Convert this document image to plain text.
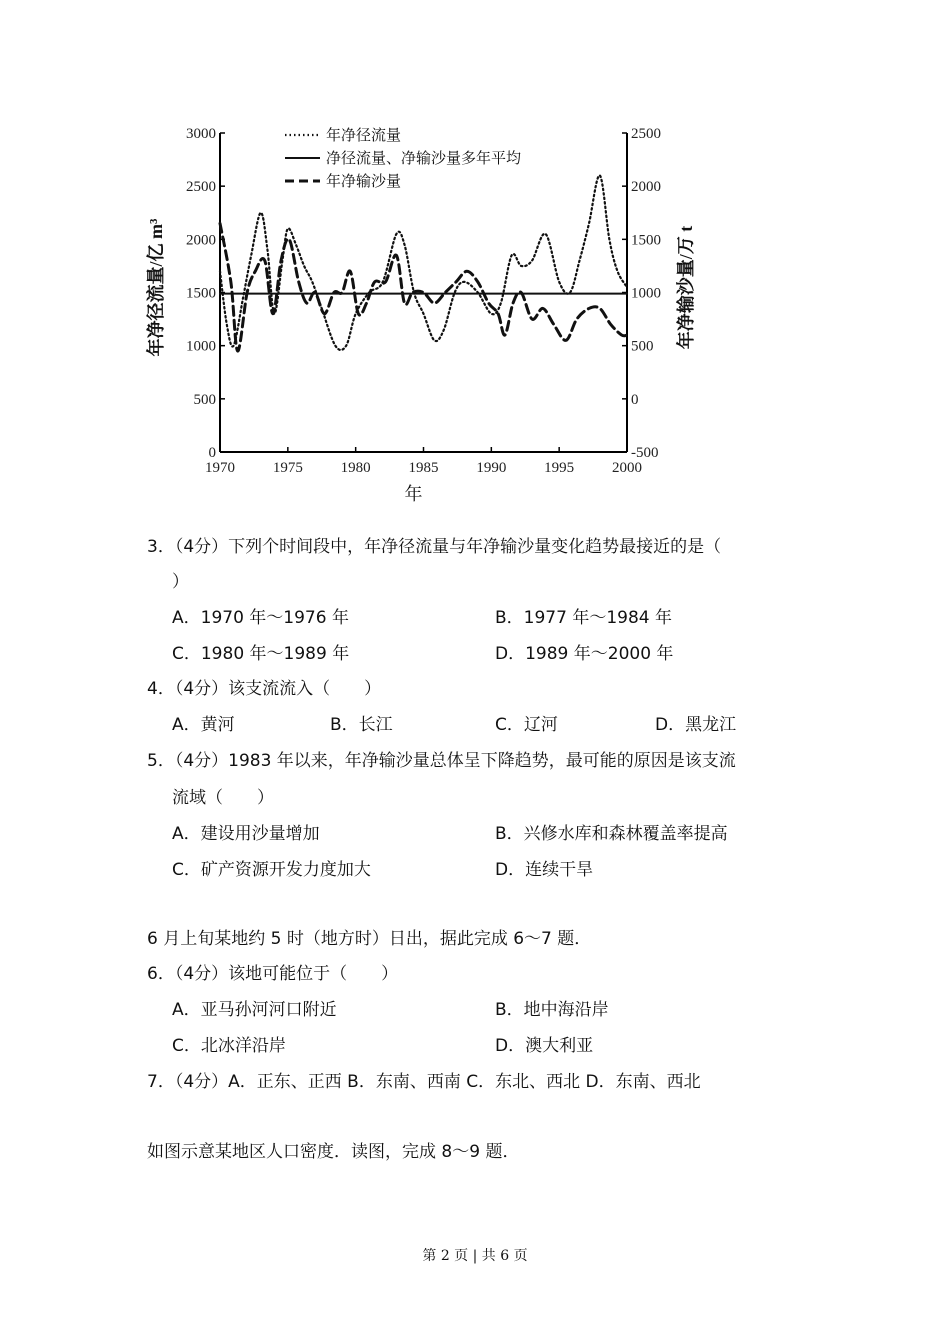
0
500
1000
1500
2000
2500
3000
-500
0
500
1000
1500
2000
2500
1970	1975	1980	1985	1990	1995	2000
年净径流量
净径流量、净输沙量多年平均
年净输沙量
年
年净径流量/亿 m³	年净输沙量/万 t
3．（4分）下列个时间段中，年净径流量与年净输沙量变化趋势最接近的是（
）
A．1970 年～1976 年	B．1977 年～1984 年
C．1980 年～1989 年	D．1989 年～2000 年
4．（4分）该支流流入（　　）
A．黄河	B．长江	C．辽河	D．黑龙江
5．（4分）1983 年以来，年净输沙量总体呈下降趋势，最可能的原因是该支流
流域（　　）
A．建设用沙量增加	B．兴修水库和森林覆盖率提高
C．矿产资源开发力度加大	D．连续干旱
6 月上旬某地约 5 时（地方时）日出，据此完成 6～7 题．
6．（4分）该地可能位于（　　）
A．亚马孙河河口附近	B．地中海沿岸
C．北冰洋沿岸	D．澳大利亚
7．（4分）A．正东、正西 B．东南、西南 C．东北、西北 D．东南、西北
如图示意某地区人口密度．读图，完成 8～9 题．
第 2 页 | 共 6 页
